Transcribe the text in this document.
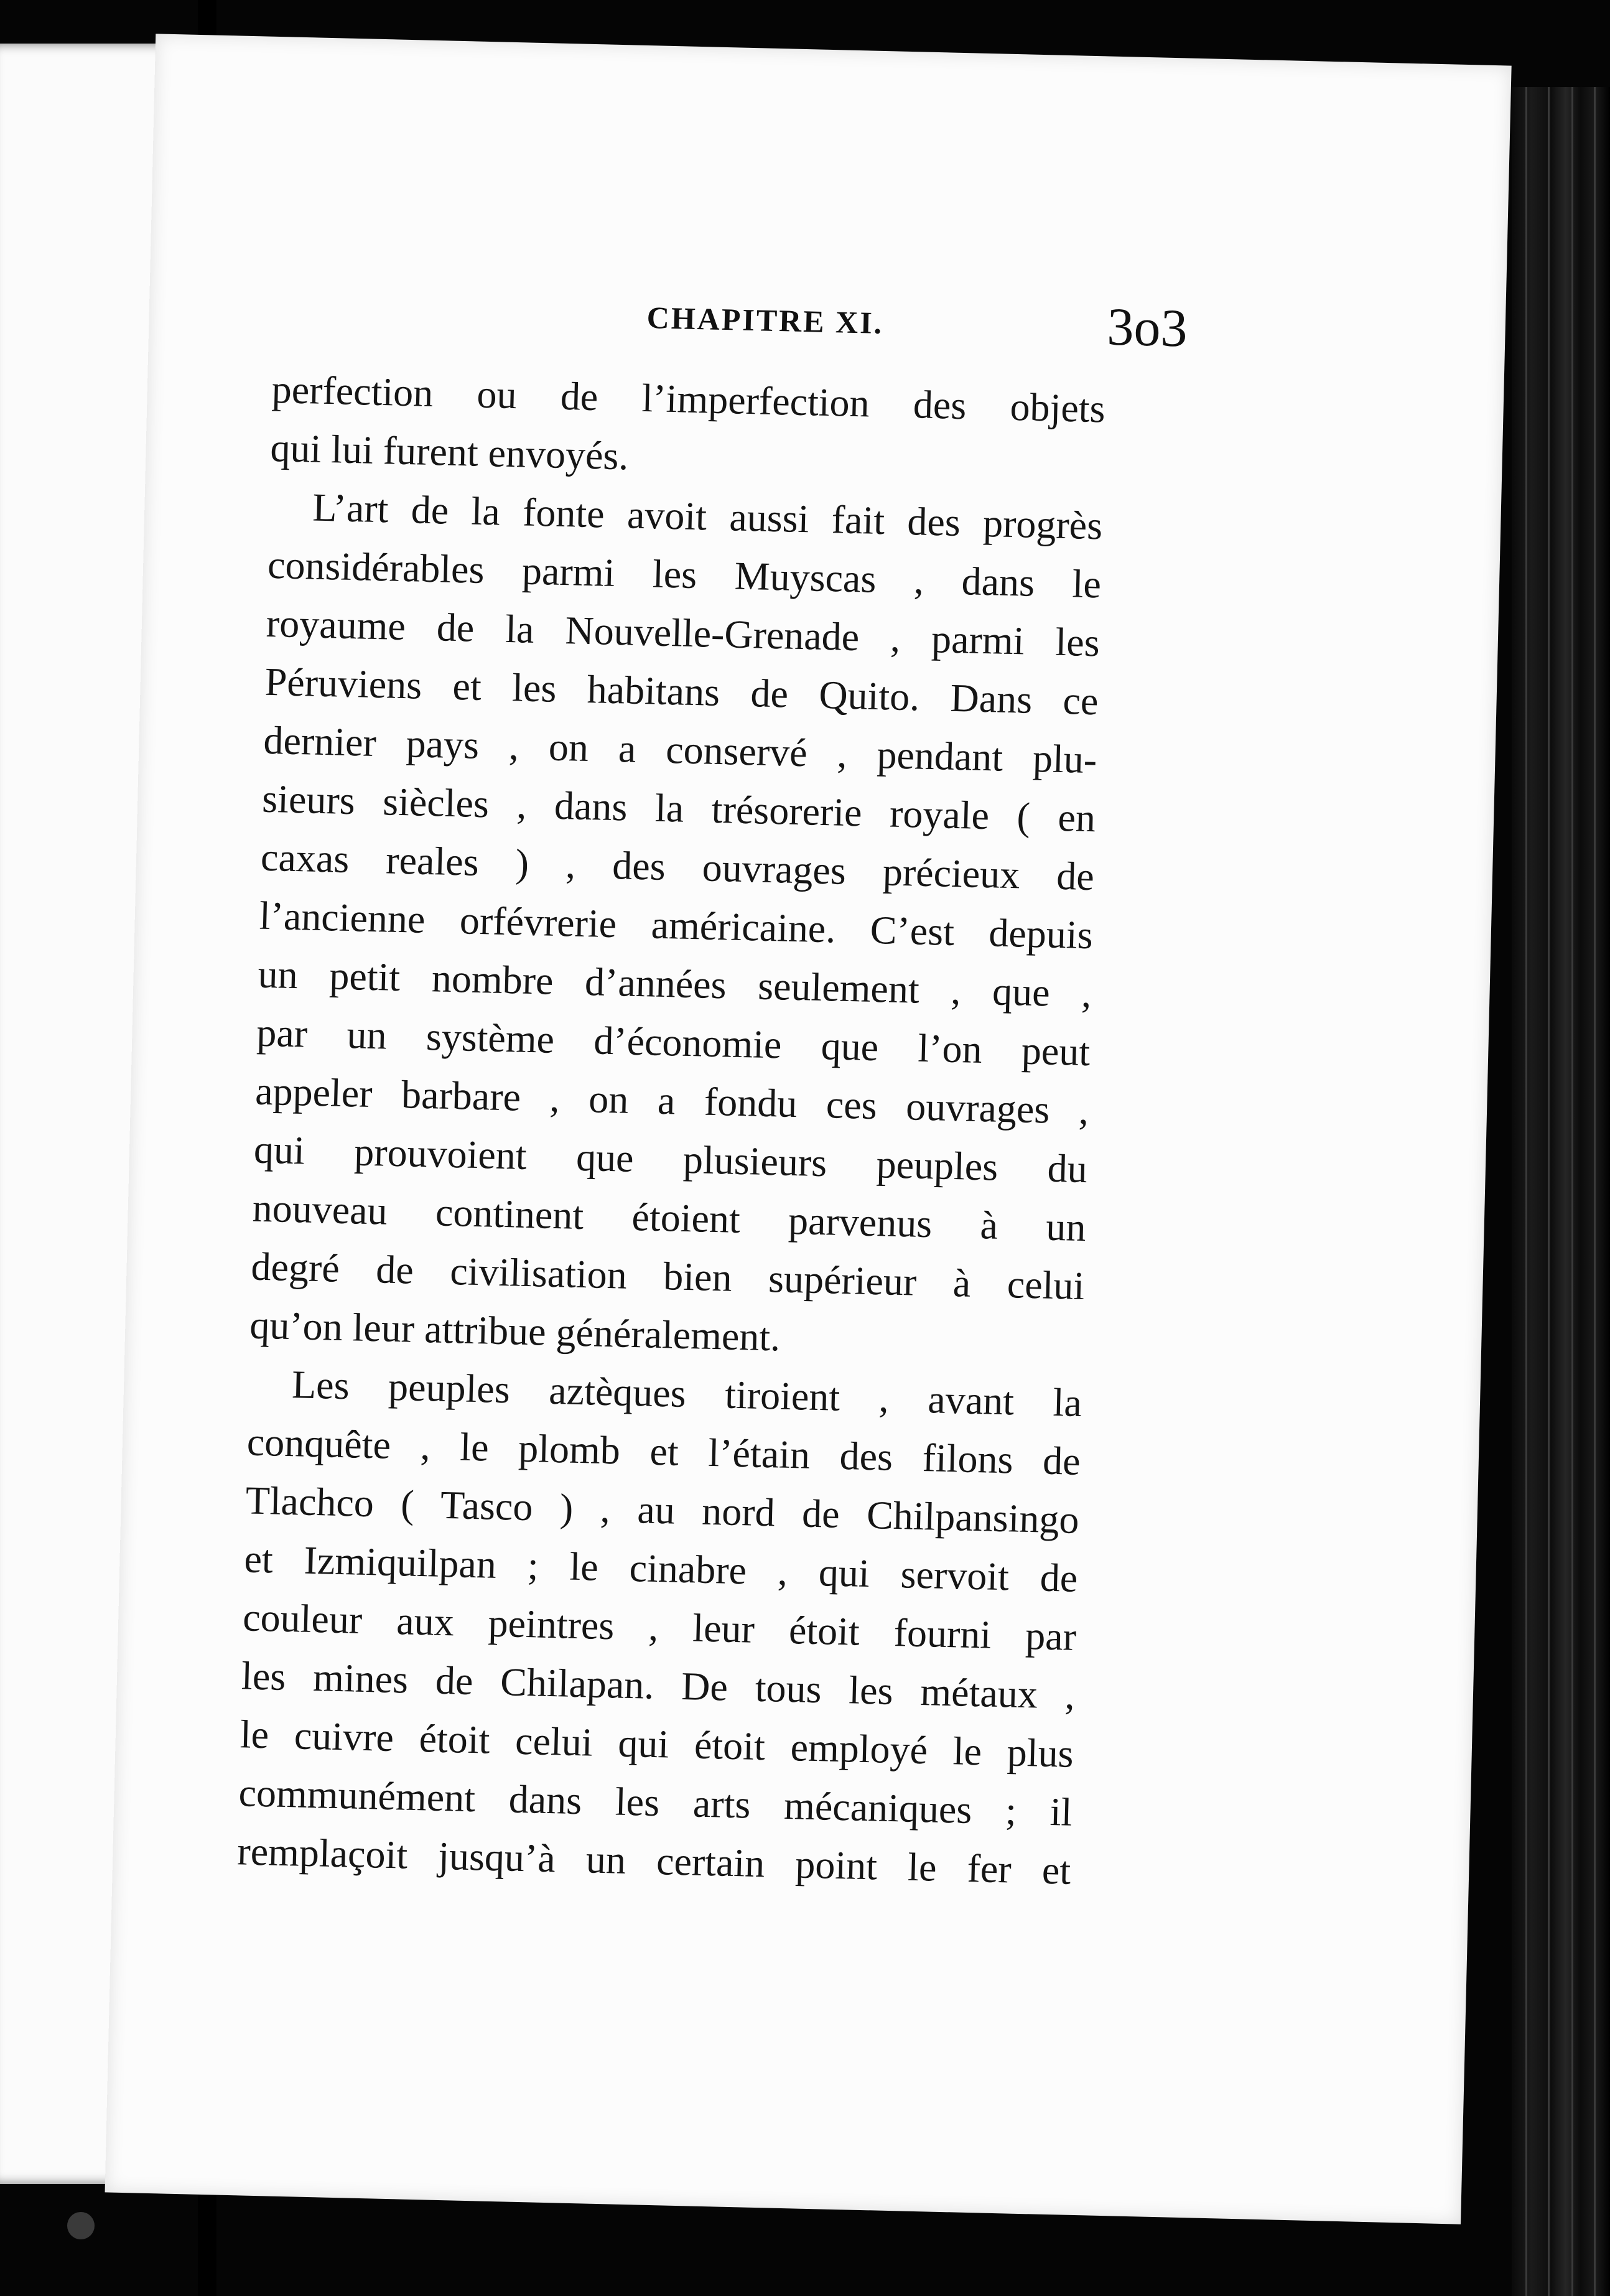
CHAPITRE XI.	3o3
perfection ou de l’imperfection des objets
qui lui furent envoyés.
L’art de la fonte avoit aussi fait des progrès
considérables parmi les Muyscas , dans le
royaume de la Nouvelle-Grenade , parmi les
Péruviens et les habitans de Quito. Dans ce
dernier pays , on a conservé , pendant plu-
sieurs siècles , dans la trésorerie royale ( en
caxas reales ) , des ouvrages précieux de
l’ancienne orfévrerie américaine. C’est depuis
un petit nombre d’années seulement , que ,
par un système d’économie que l’on peut
appeler barbare , on a fondu ces ouvrages ,
qui prouvoient que plusieurs peuples du
nouveau continent étoient parvenus à un
degré de civilisation bien supérieur à celui
qu’on leur attribue généralement.
Les peuples aztèques tiroient , avant la
conquête , le plomb et l’étain des filons de
Tlachco ( Tasco ) , au nord de Chilpansingo
et Izmiquilpan ; le cinabre , qui servoit de
couleur aux peintres , leur étoit fourni par
les mines de Chilapan. De tous les métaux ,
le cuivre étoit celui qui étoit employé le plus
communément dans les arts mécaniques ; il
remplaçoit jusqu’à un certain point le fer et
